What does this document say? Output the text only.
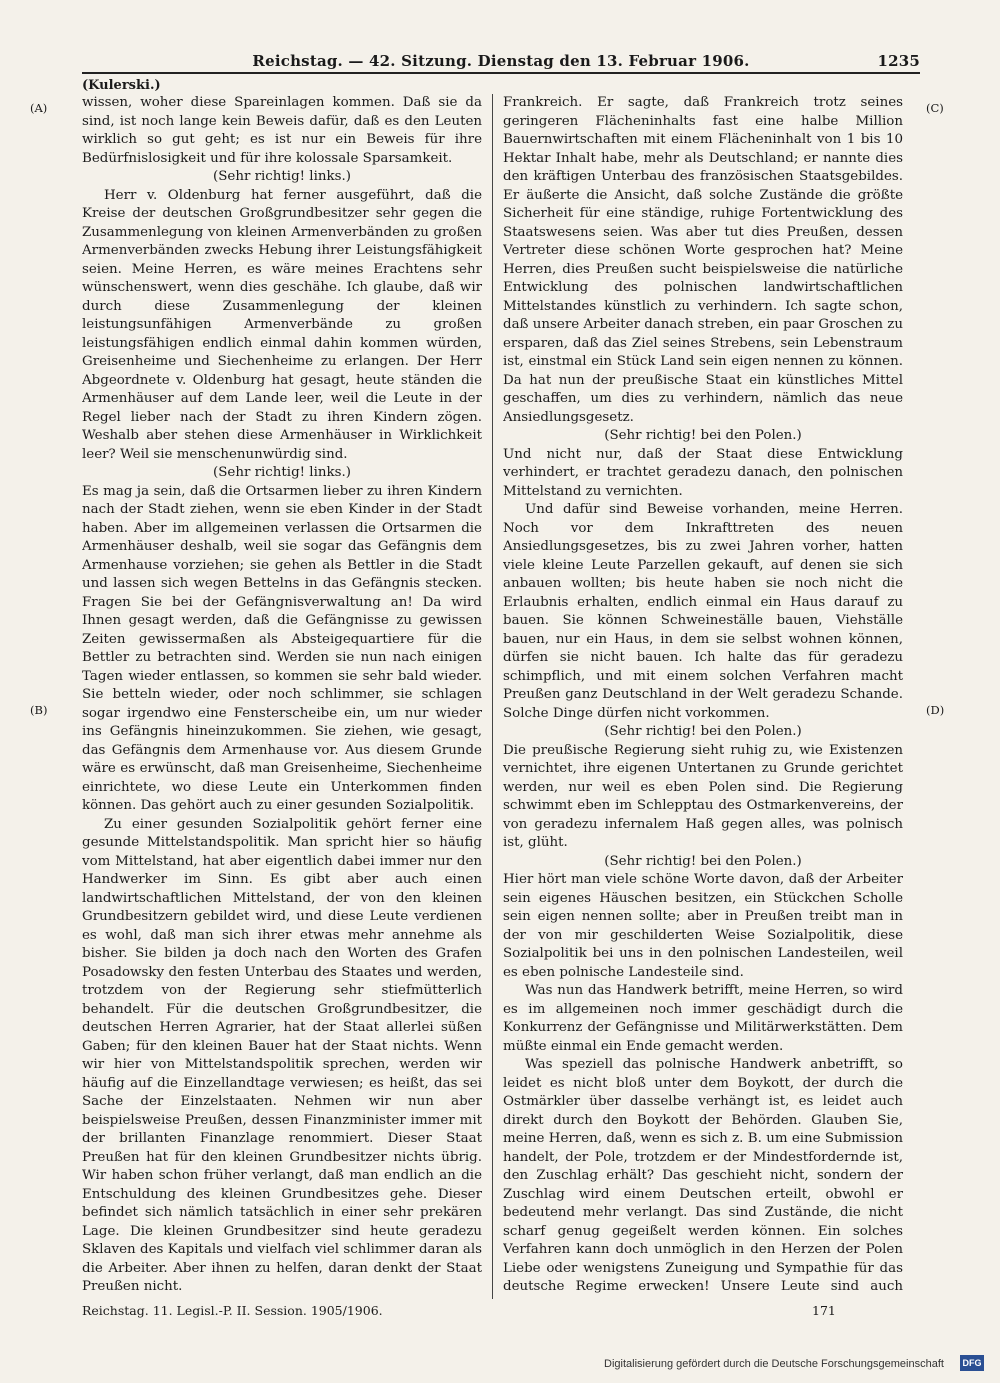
Reichstag. — 42. Sitzung. Dienstag den 13. Februar 1906.	1235
(Kulerski.)
(A)
(B)
(C)
(D)

wissen, woher diese Spareinlagen kommen. Daß sie da sind, ist noch lange kein Beweis dafür, daß es den Leuten wirklich so gut geht; es ist nur ein Beweis für ihre Bedürfnislosigkeit und für ihre kolossale Sparsamkeit.

(Sehr richtig! links.)

Herr v. Oldenburg hat ferner ausgeführt, daß die Kreise der deutschen Großgrundbesitzer sehr gegen die Zusammenlegung von kleinen Armenverbänden zu großen Armenverbänden zwecks Hebung ihrer Leistungsfähigkeit seien. Meine Herren, es wäre meines Erachtens sehr wünschenswert, wenn dies geschähe. Ich glaube, daß wir durch diese Zusammenlegung der kleinen leistungsunfähigen Armenverbände zu großen leistungsfähigen endlich einmal dahin kommen würden, Greisenheime und Siechenheime zu erlangen. Der Herr Abgeordnete v. Oldenburg hat gesagt, heute ständen die Armenhäuser auf dem Lande leer, weil die Leute in der Regel lieber nach der Stadt zu ihren Kindern zögen. Weshalb aber stehen diese Armenhäuser in Wirklichkeit leer? Weil sie menschenunwürdig sind.

(Sehr richtig! links.)

Es mag ja sein, daß die Ortsarmen lieber zu ihren Kindern nach der Stadt ziehen, wenn sie eben Kinder in der Stadt haben. Aber im allgemeinen verlassen die Ortsarmen die Armenhäuser deshalb, weil sie sogar das Gefängnis dem Armenhause vorziehen; sie gehen als Bettler in die Stadt und lassen sich wegen Bettelns in das Gefängnis stecken. Fragen Sie bei der Gefängnisverwaltung an! Da wird Ihnen gesagt werden, daß die Gefängnisse zu gewissen Zeiten gewissermaßen als Absteigequartiere für die Bettler zu betrachten sind. Werden sie nun nach einigen Tagen wieder entlassen, so kommen sie sehr bald wieder. Sie betteln wieder, oder noch schlimmer, sie schlagen sogar irgendwo eine Fensterscheibe ein, um nur wieder ins Gefängnis hineinzukommen. Sie ziehen, wie gesagt, das Gefängnis dem Armenhause vor. Aus diesem Grunde wäre es erwünscht, daß man Greisenheime, Siechenheime einrichtete, wo diese Leute ein Unterkommen finden können. Das gehört auch zu einer gesunden Sozialpolitik.

Zu einer gesunden Sozialpolitik gehört ferner eine gesunde Mittelstandspolitik. Man spricht hier so häufig vom Mittelstand, hat aber eigentlich dabei immer nur den Handwerker im Sinn. Es gibt aber auch einen landwirtschaftlichen Mittelstand, der von den kleinen Grundbesitzern gebildet wird, und diese Leute verdienen es wohl, daß man sich ihrer etwas mehr annehme als bisher. Sie bilden ja doch nach den Worten des Grafen Posadowsky den festen Unterbau des Staates und werden, trotzdem von der Regierung sehr stiefmütterlich behandelt. Für die deutschen Großgrundbesitzer, die deutschen Herren Agrarier, hat der Staat allerlei süßen Gaben; für den kleinen Bauer hat der Staat nichts. Wenn wir hier von Mittelstandspolitik sprechen, werden wir häufig auf die Einzellandtage verwiesen; es heißt, das sei Sache der Einzelstaaten. Nehmen wir nun aber beispielsweise Preußen, dessen Finanzminister immer mit der brillanten Finanzlage renommiert. Dieser Staat Preußen hat für den kleinen Grundbesitzer nichts übrig. Wir haben schon früher verlangt, daß man endlich an die Entschuldung des kleinen Grundbesitzes gehe. Dieser befindet sich nämlich tatsächlich in einer sehr prekären Lage. Die kleinen Grundbesitzer sind heute geradezu Sklaven des Kapitals und vielfach viel schlimmer daran als die Arbeiter. Aber ihnen zu helfen, daran denkt der Staat Preußen nicht.

Frankreich. Er sagte, daß Frankreich trotz seines geringeren Flächeninhalts fast eine halbe Million Bauernwirtschaften mit einem Flächeninhalt von 1 bis 10 Hektar Inhalt habe, mehr als Deutschland; er nannte dies den kräftigen Unterbau des französischen Staatsgebildes. Er äußerte die Ansicht, daß solche Zustände die größte Sicherheit für eine ständige, ruhige Fortentwicklung des Staatswesens seien. Was aber tut dies Preußen, dessen Vertreter diese schönen Worte gesprochen hat? Meine Herren, dies Preußen sucht beispielsweise die natürliche Entwicklung des polnischen landwirtschaftlichen Mittelstandes künstlich zu verhindern. Ich sagte schon, daß unsere Arbeiter danach streben, ein paar Groschen zu ersparen, daß das Ziel seines Strebens, sein Lebenstraum ist, einstmal ein Stück Land sein eigen nennen zu können. Da hat nun der preußische Staat ein künstliches Mittel geschaffen, um dies zu verhindern, nämlich das neue Ansiedlungsgesetz.

(Sehr richtig! bei den Polen.)

Und nicht nur, daß der Staat diese Entwicklung verhindert, er trachtet geradezu danach, den polnischen Mittelstand zu vernichten.

Und dafür sind Beweise vorhanden, meine Herren. Noch vor dem Inkrafttreten des neuen Ansiedlungsgesetzes, bis zu zwei Jahren vorher, hatten viele kleine Leute Parzellen gekauft, auf denen sie sich anbauen wollten; bis heute haben sie noch nicht die Erlaubnis erhalten, endlich einmal ein Haus darauf zu bauen. Sie können Schweineställe bauen, Viehställe bauen, nur ein Haus, in dem sie selbst wohnen können, dürfen sie nicht bauen. Ich halte das für geradezu schimpflich, und mit einem solchen Verfahren macht Preußen ganz Deutschland in der Welt geradezu Schande. Solche Dinge dürfen nicht vorkommen.

(Sehr richtig! bei den Polen.)

Die preußische Regierung sieht ruhig zu, wie Existenzen vernichtet, ihre eigenen Untertanen zu Grunde gerichtet werden, nur weil es eben Polen sind. Die Regierung schwimmt eben im Schlepptau des Ostmarkenvereins, der von geradezu infernalem Haß gegen alles, was polnisch ist, glüht.

(Sehr richtig! bei den Polen.)

Hier hört man viele schöne Worte davon, daß der Arbeiter sein eigenes Häuschen besitzen, ein Stückchen Scholle sein eigen nennen sollte; aber in Preußen treibt man in der von mir geschilderten Weise Sozialpolitik, diese Sozialpolitik bei uns in den polnischen Landesteilen, weil es eben polnische Landesteile sind.

Was nun das Handwerk betrifft, meine Herren, so wird es im allgemeinen noch immer geschädigt durch die Konkurrenz der Gefängnisse und Militärwerkstätten. Dem müßte einmal ein Ende gemacht werden.

Was speziell das polnische Handwerk anbetrifft, so leidet es nicht bloß unter dem Boykott, der durch die Ostmärkler über dasselbe verhängt ist, es leidet auch direkt durch den Boykott der Behörden. Glauben Sie, meine Herren, daß, wenn es sich z. B. um eine Submission handelt, der Pole, trotzdem er der Mindestfordernde ist, den Zuschlag erhält? Das geschieht nicht, sondern der Zuschlag wird einem Deutschen erteilt, obwohl er bedeutend mehr verlangt. Das sind Zustände, die nicht scharf genug gegeißelt werden können. Ein solches Verfahren kann doch unmöglich in den Herzen der Polen Liebe oder wenigstens Zuneigung und Sympathie für das deutsche Regime erwecken! Unsere Leute sind auch

Reichstag. 11. Legisl.-P. II. Session. 1905/1906.	171
Digitalisierung gefördert durch die Deutsche Forschungsgemeinschaft DFG
